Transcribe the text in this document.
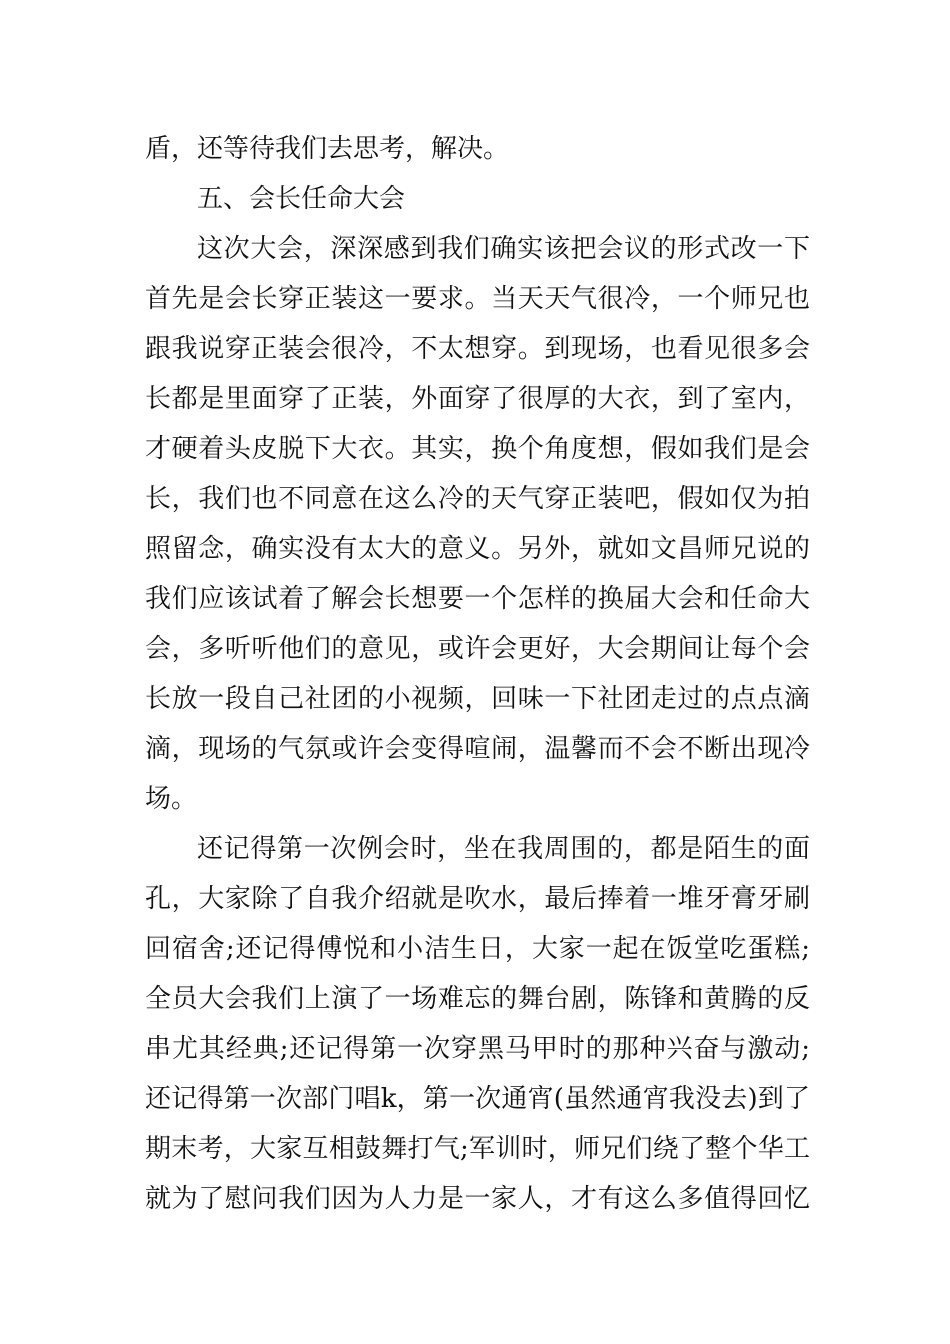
盾，还等待我们去思考，解决。
五、会长任命大会
这次大会，深深感到我们确实该把会议的形式改一下
首先是会长穿正装这一要求。当天天气很冷，一个师兄也
跟我说穿正装会很冷，不太想穿。到现场，也看见很多会
长都是里面穿了正装，外面穿了很厚的大衣，到了室内，
才硬着头皮脱下大衣。其实，换个角度想，假如我们是会
长，我们也不同意在这么冷的天气穿正装吧，假如仅为拍
照留念，确实没有太大的意义。另外，就如文昌师兄说的
我们应该试着了解会长想要一个怎样的换届大会和任命大
会，多听听他们的意见，或许会更好，大会期间让每个会
长放一段自己社团的小视频，回味一下社团走过的点点滴
滴，现场的气氛或许会变得喧闹，温馨而不会不断出现冷
场。
还记得第一次例会时，坐在我周围的，都是陌生的面
孔，大家除了自我介绍就是吹水，最后捧着一堆牙膏牙刷
回宿舍;还记得傅悦和小洁生日，大家一起在饭堂吃蛋糕;
全员大会我们上演了一场难忘的舞台剧，陈锋和黄腾的反
串尤其经典;还记得第一次穿黑马甲时的那种兴奋与激动;
还记得第一次部门唱k，第一次通宵(虽然通宵我没去)到了
期末考，大家互相鼓舞打气;军训时，师兄们绕了整个华工
就为了慰问我们因为人力是一家人，才有这么多值得回忆
